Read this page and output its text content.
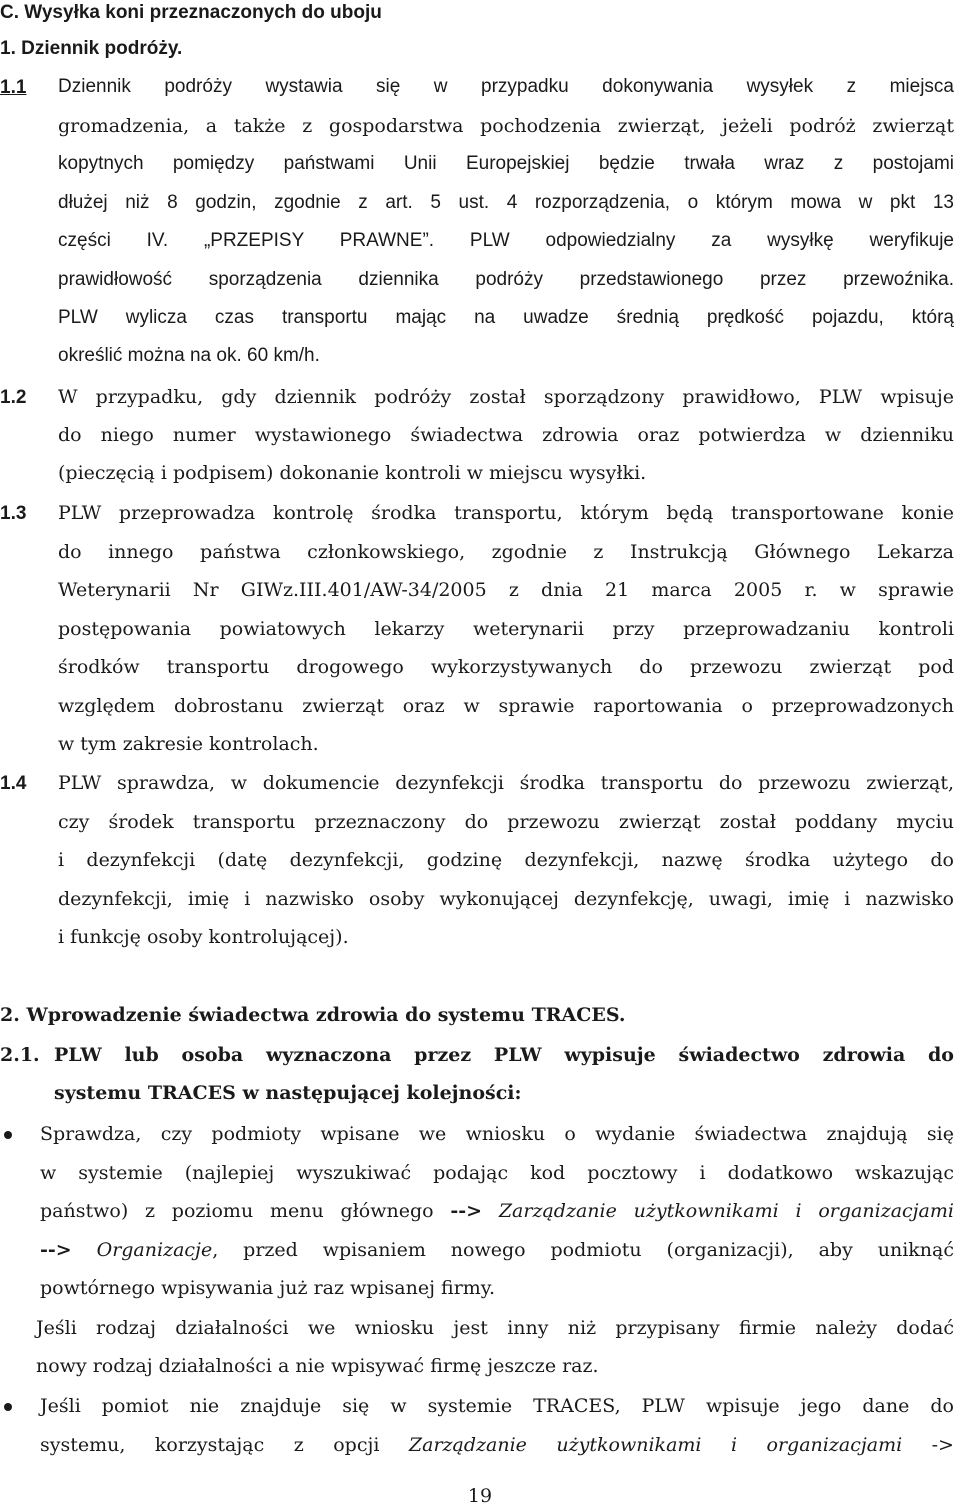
C. Wysyłka koni przeznaczonych do uboju
1. Dziennik podróży.
1.1 Dziennik podróży wystawia się w przypadku dokonywania wysyłek z miejsca
gromadzenia, a także z gospodarstwa pochodzenia zwierząt, jeżeli podróż zwierząt
kopytnych pomiędzy państwami Unii Europejskiej będzie trwała wraz z postojami
dłużej niż 8 godzin, zgodnie z art. 5 ust. 4 rozporządzenia, o którym mowa w pkt 13
części IV. „PRZEPISY PRAWNE”. PLW odpowiedzialny za wysyłkę weryfikuje
prawidłowość sporządzenia dziennika podróży przedstawionego przez przewoźnika.
PLW wylicza czas transportu mając na uwadze średnią prędkość pojazdu, którą
określić można na ok. 60 km/h.
1.2 W przypadku, gdy dziennik podróży został sporządzony prawidłowo, PLW wpisuje
do niego numer wystawionego świadectwa zdrowia oraz potwierdza w dzienniku
(pieczęcią i podpisem) dokonanie kontroli w miejscu wysyłki.
1.3 PLW przeprowadza kontrolę środka transportu, którym będą transportowane konie
do innego państwa członkowskiego, zgodnie z Instrukcją Głównego Lekarza
Weterynarii Nr GIWz.III.401/AW-34/2005 z dnia 21 marca 2005 r. w sprawie
postępowania powiatowych lekarzy weterynarii przy przeprowadzaniu kontroli
środków transportu drogowego wykorzystywanych do przewozu zwierząt pod
względem dobrostanu zwierząt oraz w sprawie raportowania o przeprowadzonych
w tym zakresie kontrolach.
1.4 PLW sprawdza, w dokumencie dezynfekcji środka transportu do przewozu zwierząt,
czy środek transportu przeznaczony do przewozu zwierząt został poddany myciu
i dezynfekcji (datę dezynfekcji, godzinę dezynfekcji, nazwę środka użytego do
dezynfekcji, imię i nazwisko osoby wykonującej dezynfekcję, uwagi, imię i nazwisko
i funkcję osoby kontrolującej).
2. Wprowadzenie świadectwa zdrowia do systemu TRACES.
2.1. PLW lub osoba wyznaczona przez PLW wypisuje świadectwo zdrowia do
systemu TRACES w następującej kolejności:
Sprawdza, czy podmioty wpisane we wniosku o wydanie świadectwa znajdują się
w systemie (najlepiej wyszukiwać podając kod pocztowy i dodatkowo wskazując
państwo) z poziomu menu głównego --> Zarządzanie użytkownikami i organizacjami
--> Organizacje, przed wpisaniem nowego podmiotu (organizacji), aby uniknąć
powtórnego wpisywania już raz wpisanej firmy.
Jeśli rodzaj działalności we wniosku jest inny niż przypisany firmie należy dodać
nowy rodzaj działalności a nie wpisywać firmę jeszcze raz.
Jeśli pomiot nie znajduje się w systemie TRACES, PLW wpisuje jego dane do
systemu, korzystając z opcji Zarządzanie użytkownikami i organizacjami ->
19
